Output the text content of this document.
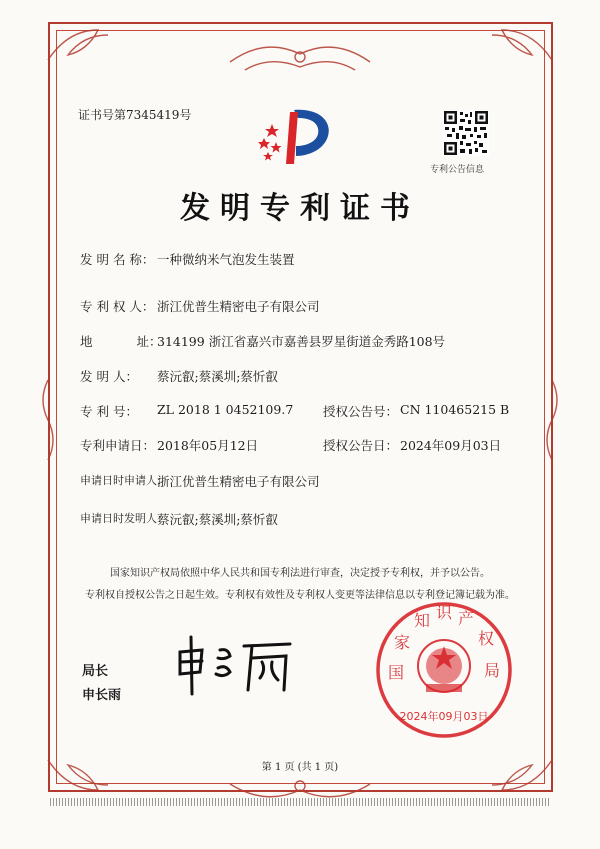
证书号第7345419号
专利公告信息
发明专利证书
发 明 名 称： 一种微纳米气泡发生装置
专 利 权 人： 浙江优普生精密电子有限公司
地	址：
314199 浙江省嘉兴市嘉善县罗星街道金秀路108号
发 明 人： 蔡沅叡;蔡溪圳;蔡忻叡
专 利 号： ZL 2018 1 0452109.7 授权公告号： CN 110465215 B
专利申请日： 2018年05月12日	授权公告日： 2024年09月03日
申请日时申请人：
浙江优普生精密电子有限公司
申请日时发明人：
蔡沅叡;蔡溪圳;蔡忻叡
国家知识产权局依照中华人民共和国专利法进行审查，决定授予专利权，并予以公告。
专利权自授权公告之日起生效。专利权有效性及专利权人变更等法律信息以专利登记簿记载为准。
局长
申长雨
国
家
知 识 产
权
局
2024年09月03日
第 1 页 (共 1 页)
